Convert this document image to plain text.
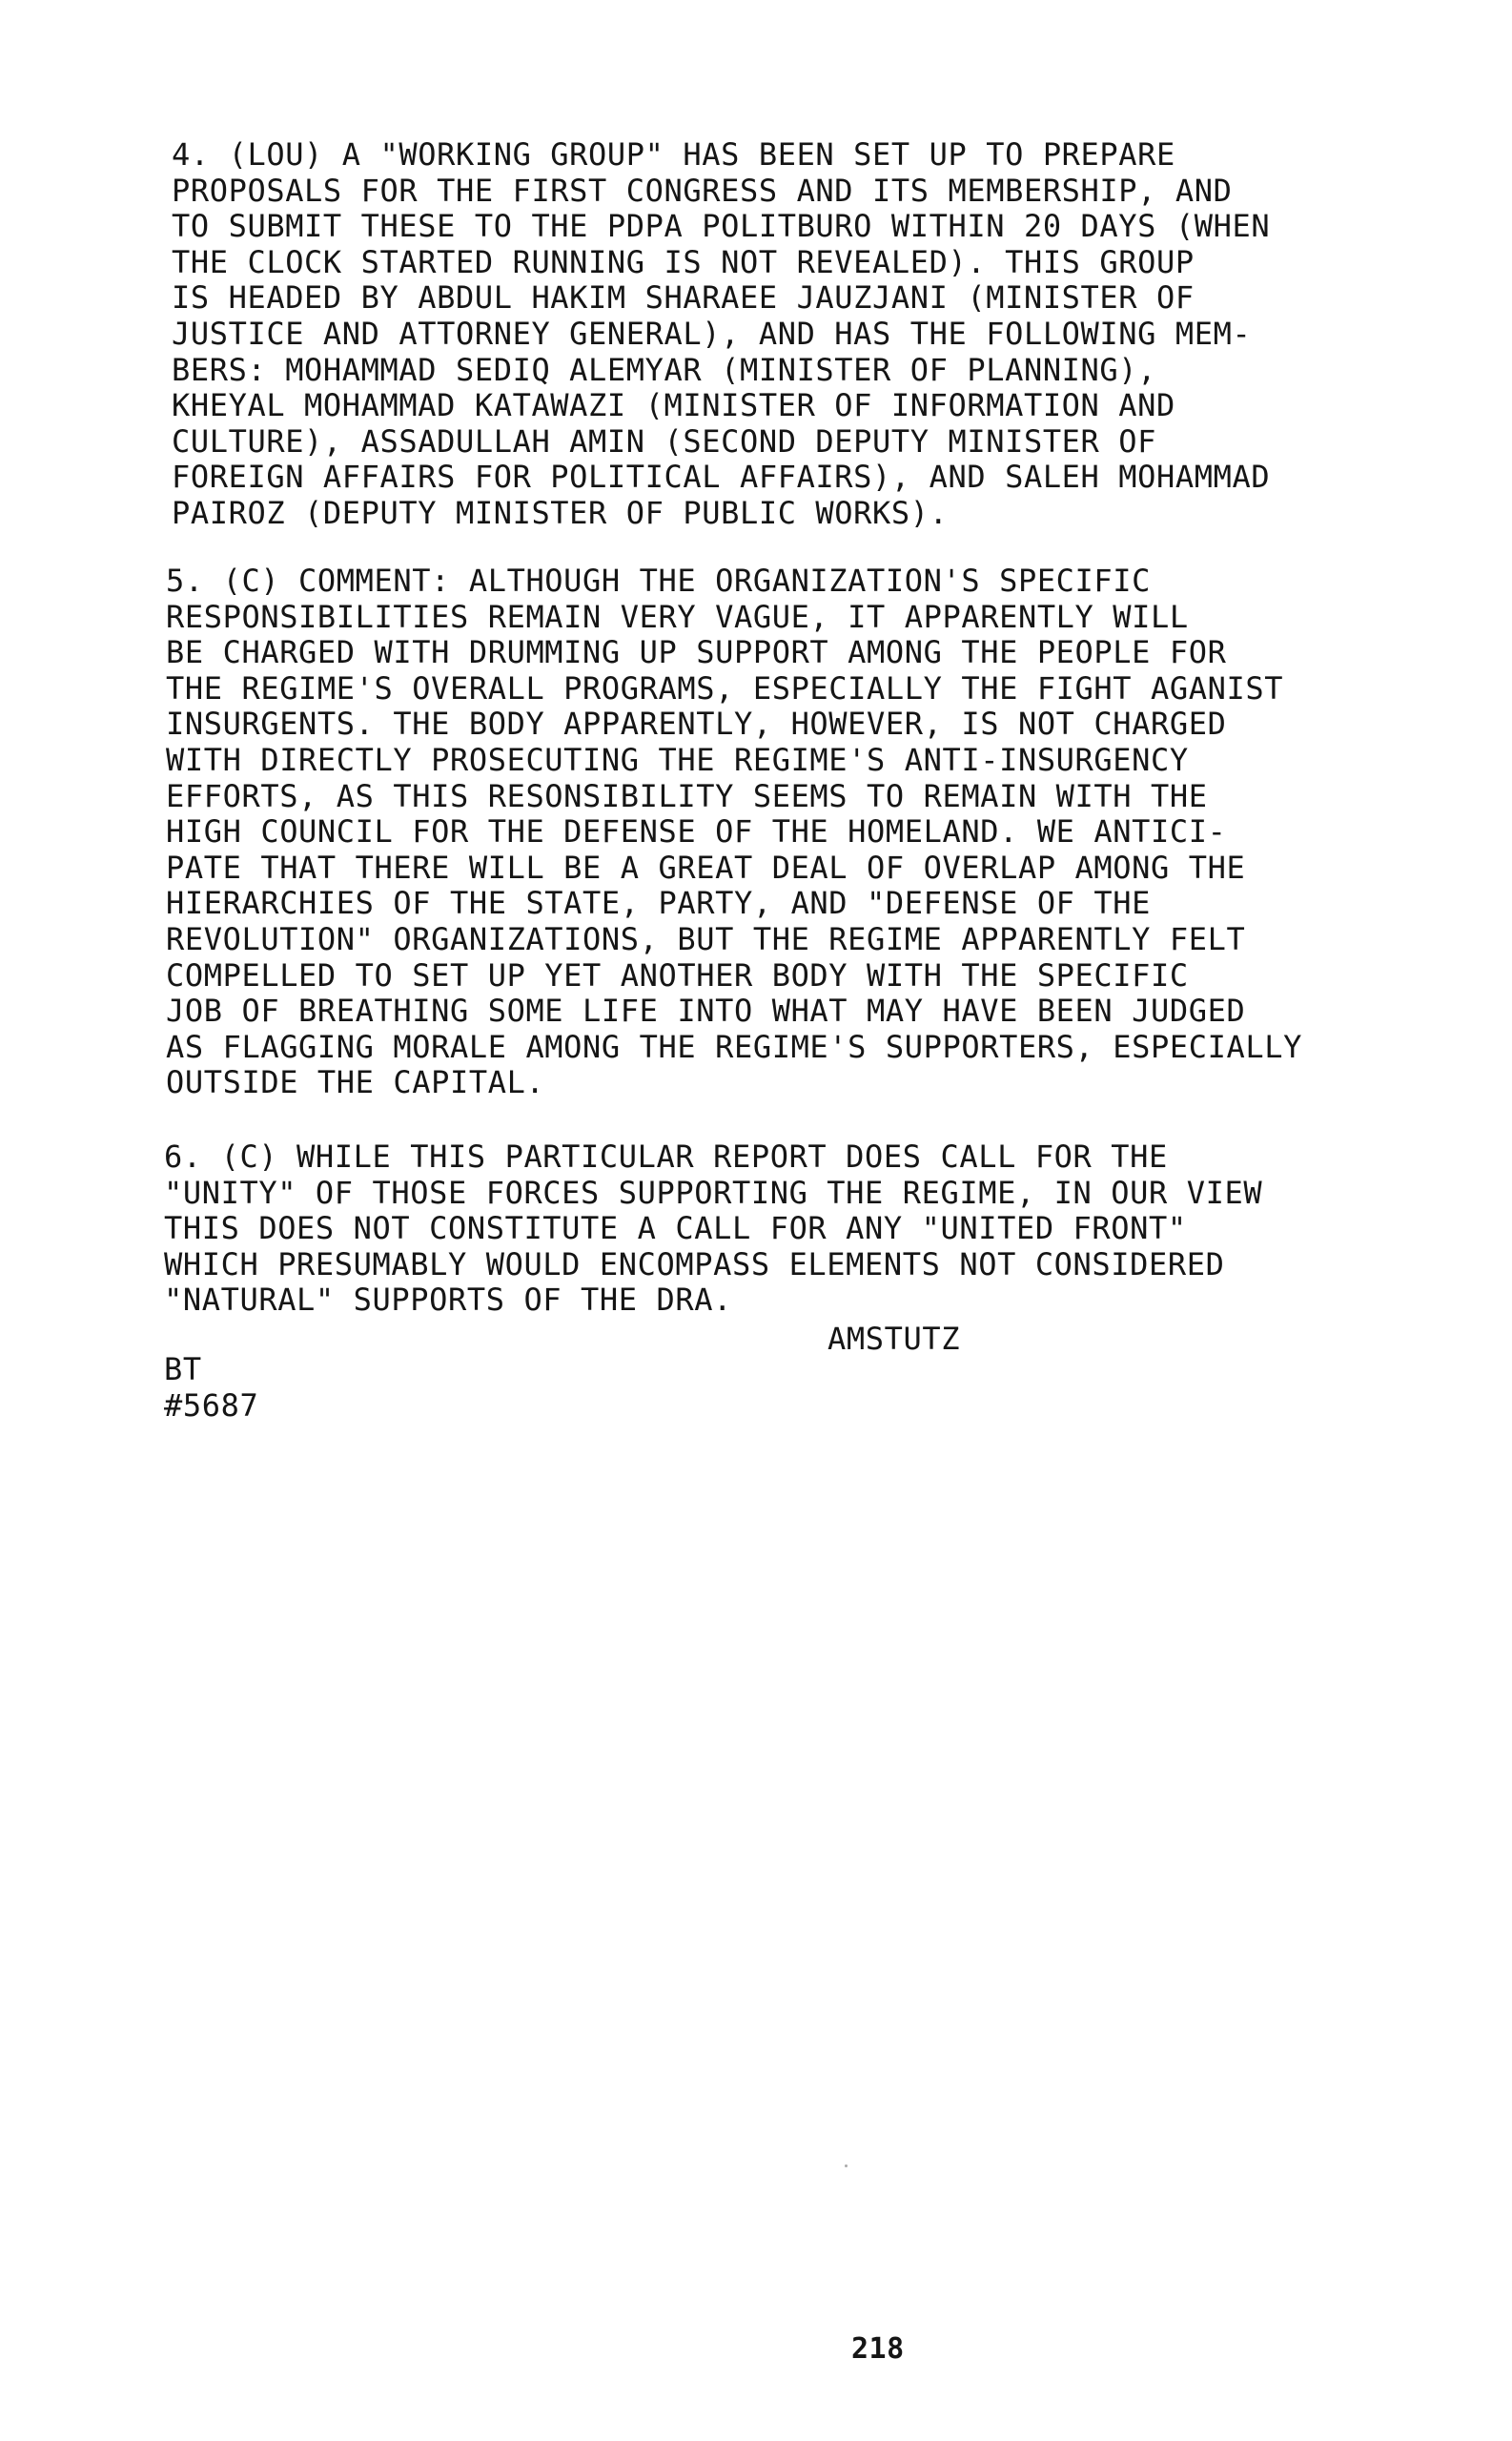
4. (LOU) A "WORKING GROUP" HAS BEEN SET UP TO PREPARE
PROPOSALS FOR THE FIRST CONGRESS AND ITS MEMBERSHIP, AND
TO SUBMIT THESE TO THE PDPA POLITBURO WITHIN 20 DAYS (WHEN
THE CLOCK STARTED RUNNING IS NOT REVEALED). THIS GROUP
IS HEADED BY ABDUL HAKIM SHARAEE JAUZJANI (MINISTER OF
JUSTICE AND ATTORNEY GENERAL), AND HAS THE FOLLOWING MEM-
BERS: MOHAMMAD SEDIQ ALEMYAR (MINISTER OF PLANNING),
KHEYAL MOHAMMAD KATAWAZI (MINISTER OF INFORMATION AND
CULTURE), ASSADULLAH AMIN (SECOND DEPUTY MINISTER OF
FOREIGN AFFAIRS FOR POLITICAL AFFAIRS), AND SALEH MOHAMMAD
PAIROZ (DEPUTY MINISTER OF PUBLIC WORKS).

5. (C) COMMENT: ALTHOUGH THE ORGANIZATION'S SPECIFIC
RESPONSIBILITIES REMAIN VERY VAGUE, IT APPARENTLY WILL
BE CHARGED WITH DRUMMING UP SUPPORT AMONG THE PEOPLE FOR
THE REGIME'S OVERALL PROGRAMS, ESPECIALLY THE FIGHT AGANIST
INSURGENTS. THE BODY APPARENTLY, HOWEVER, IS NOT CHARGED
WITH DIRECTLY PROSECUTING THE REGIME'S ANTI-INSURGENCY
EFFORTS, AS THIS RESONSIBILITY SEEMS TO REMAIN WITH THE
HIGH COUNCIL FOR THE DEFENSE OF THE HOMELAND. WE ANTICI-
PATE THAT THERE WILL BE A GREAT DEAL OF OVERLAP AMONG THE
HIERARCHIES OF THE STATE, PARTY, AND "DEFENSE OF THE
REVOLUTION" ORGANIZATIONS, BUT THE REGIME APPARENTLY FELT
COMPELLED TO SET UP YET ANOTHER BODY WITH THE SPECIFIC
JOB OF BREATHING SOME LIFE INTO WHAT MAY HAVE BEEN JUDGED
AS FLAGGING MORALE AMONG THE REGIME'S SUPPORTERS, ESPECIALLY
OUTSIDE THE CAPITAL.

6. (C) WHILE THIS PARTICULAR REPORT DOES CALL FOR THE
"UNITY" OF THOSE FORCES SUPPORTING THE REGIME, IN OUR VIEW
THIS DOES NOT CONSTITUTE A CALL FOR ANY "UNITED FRONT"
WHICH PRESUMABLY WOULD ENCOMPASS ELEMENTS NOT CONSIDERED
"NATURAL" SUPPORTS OF THE DRA.

AMSTUTZ
BT
#5687
218
